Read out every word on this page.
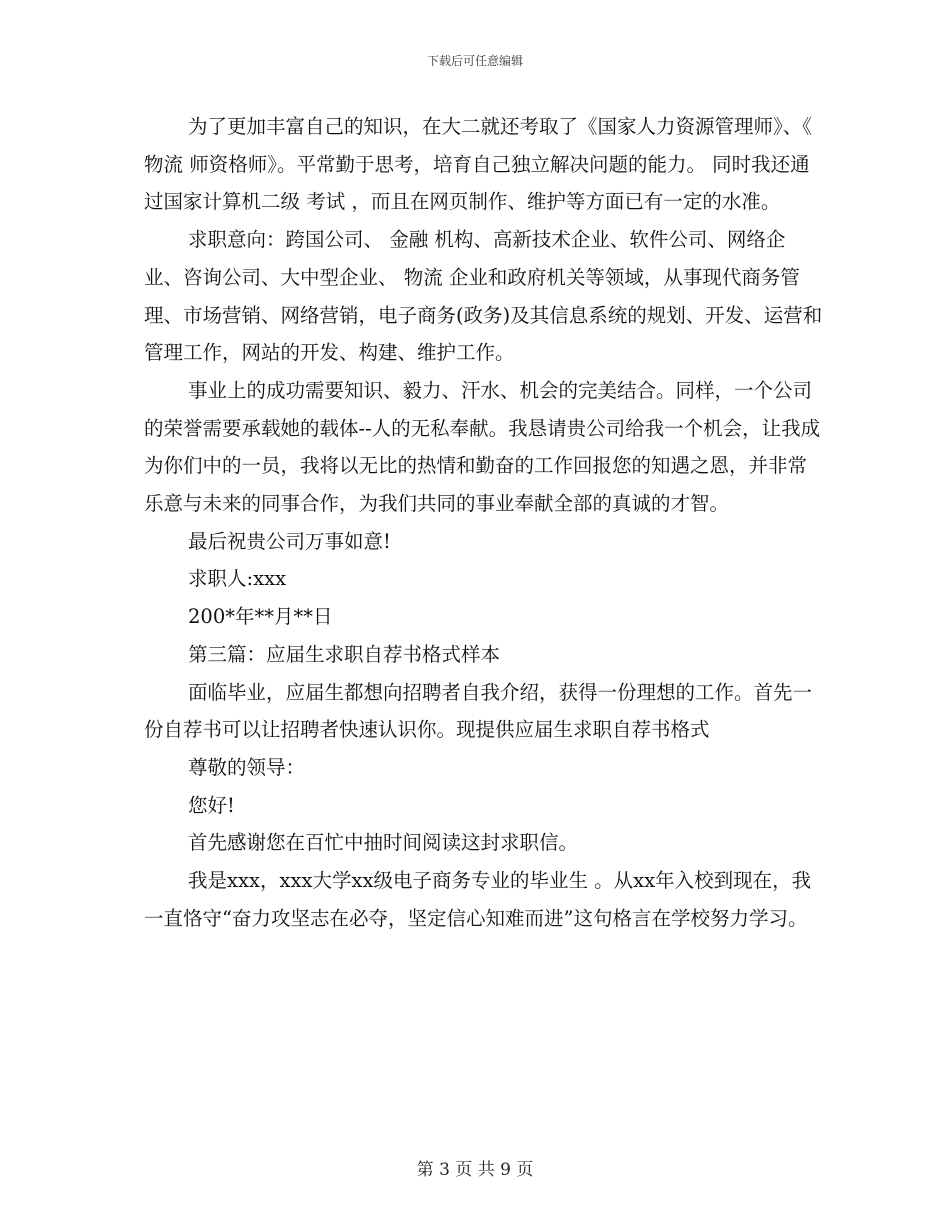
下载后可任意编辑

为了更加丰富自己的知识，在大二就还考取了《国家人力资源管理师》、《 物流 师资格师》。平常勤于思考，培育自己独立解决问题的能力。 同时我还通过国家计算机二级 考试 ，而且在网页制作、维护等方面已有一定的水准。

求职意向：跨国公司、 金融 机构、高新技术企业、软件公司、网络企业、咨询公司、大中型企业、 物流 企业和政府机关等领域，从事现代商务管理、市场营销、网络营销，电子商务(政务)及其信息系统的规划、开发、运营和管理工作，网站的开发、构建、维护工作。

事业上的成功需要知识、毅力、汗水、机会的完美结合。同样，一个公司的荣誉需要承载她的载体--人的无私奉献。我恳请贵公司给我一个机会，让我成为你们中的一员，我将以无比的热情和勤奋的工作回报您的知遇之恩，并非常乐意与未来的同事合作，为我们共同的事业奉献全部的真诚的才智。

最后祝贵公司万事如意!

求职人:xxx

200*年**月**日

第三篇：应届生求职自荐书格式样本

面临毕业，应届生都想向招聘者自我介绍，获得一份理想的工作。首先一份自荐书可以让招聘者快速认识你。现提供应届生求职自荐书格式

尊敬的领导：

您好!

首先感谢您在百忙中抽时间阅读这封求职信。

我是xxx，xxx大学xx级电子商务专业的毕业生 。从xx年入校到现在，我一直恪守“奋力攻坚志在必夺，坚定信心知难而进”这句格言在学校努力学习。

第 3 页 共 9 页
